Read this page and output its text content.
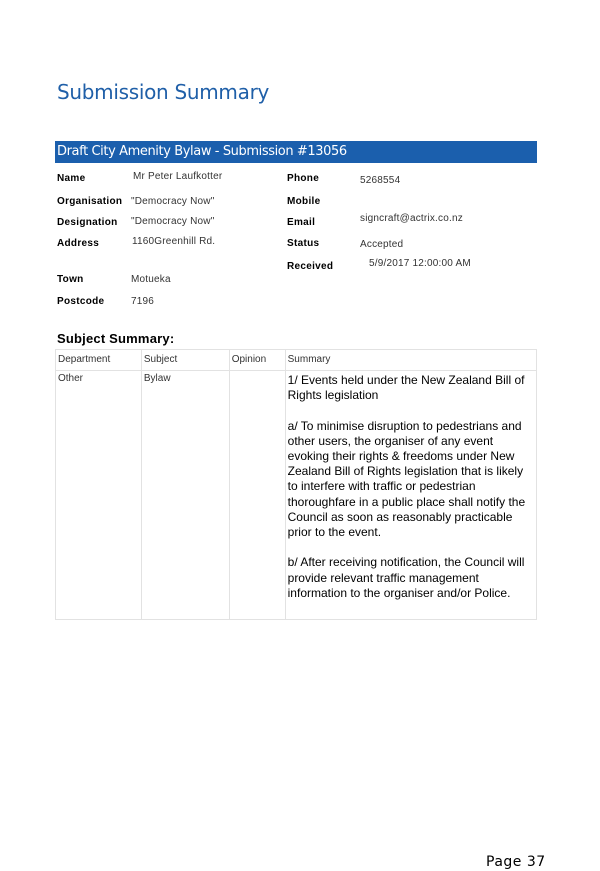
Submission Summary
Draft City Amenity Bylaw - Submission #13056
Name	Mr Peter Laufkotter
Organisation "Democracy Now"
Designation "Democracy Now"
Address	1160Greenhill Rd.
Town	Motueka
Postcode	7196
Phone	5268554
Mobile
Email	signcraft@actrix.co.nz
Status	Accepted
Received	5/9/2017 12:00:00 AM
Subject Summary:
Department	Subject	Opinion	Summary
Other	Bylaw		1/ Events held under the New Zealand Bill of Rights legislation

a/ To minimise disruption to pedestrians and other users, the organiser of any event evoking their rights & freedoms under New Zealand Bill of Rights legislation that is likely to interfere with traffic or pedestrian thoroughfare in a public place shall notify the Council as soon as reasonably practicable prior to the event.

b/ After receiving notification, the Council will provide relevant traffic management information to the organiser and/or Police.

Page 37
